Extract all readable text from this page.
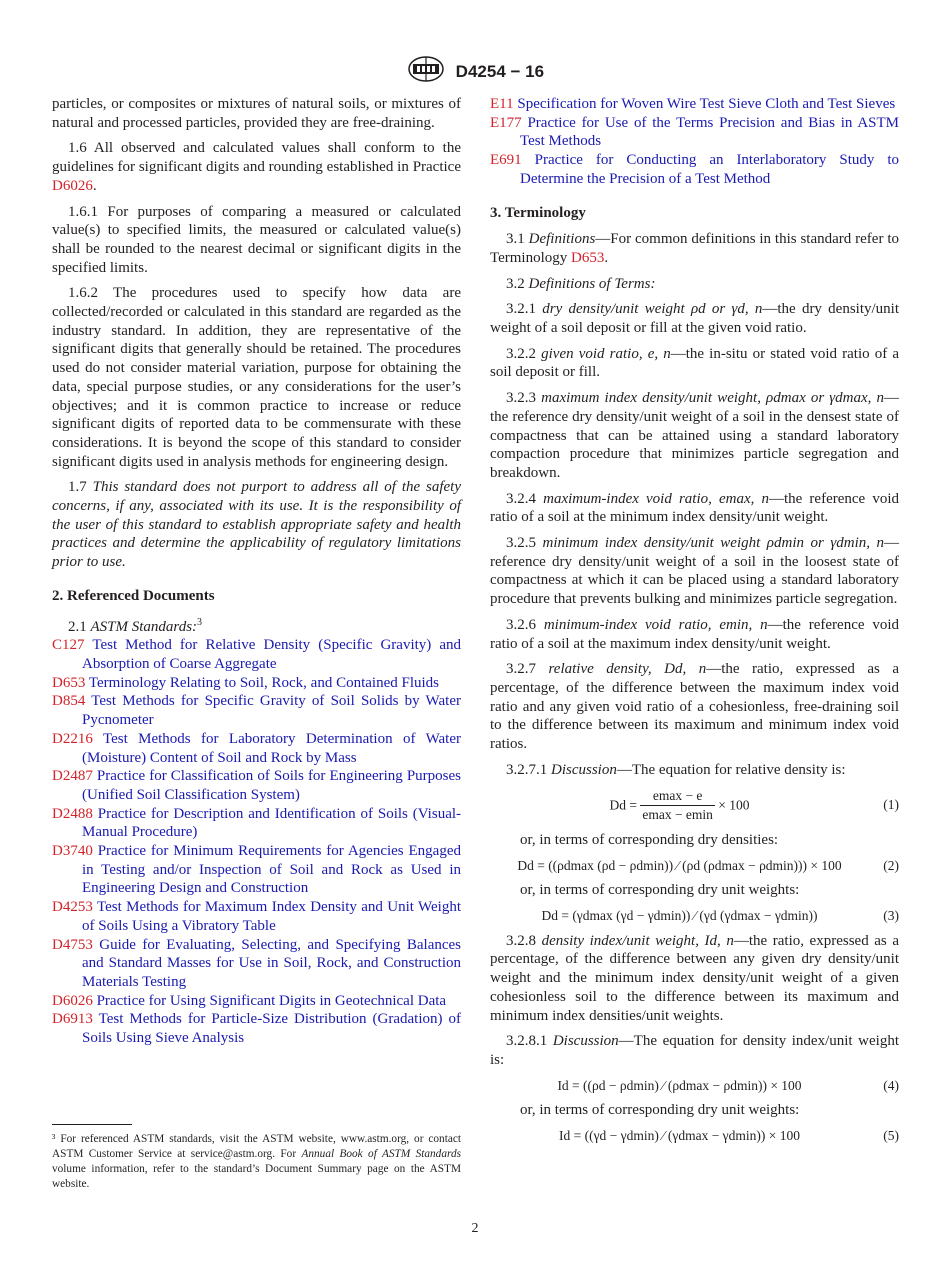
D4254 − 16

particles, or composites or mixtures of natural soils, or mixtures of natural and processed particles, provided they are free-draining.

1.6 All observed and calculated values shall conform to the guidelines for significant digits and rounding established in Practice D6026.

1.6.1 For purposes of comparing a measured or calculated value(s) to specified limits, the measured or calculated value(s) shall be rounded to the nearest decimal or significant digits in the specified limits.

1.6.2 The procedures used to specify how data are collected/recorded or calculated in this standard are regarded as the industry standard. In addition, they are representative of the significant digits that generally should be retained. The procedures used do not consider material variation, purpose for obtaining the data, special purpose studies, or any considerations for the user’s objectives; and it is common practice to increase or reduce significant digits of reported data to be commensurate with these considerations. It is beyond the scope of this standard to consider significant digits used in analysis methods for engineering design.

1.7 This standard does not purport to address all of the safety concerns, if any, associated with its use. It is the responsibility of the user of this standard to establish appropriate safety and health practices and determine the applicability of regulatory limitations prior to use.

2. Referenced Documents

2.1 ASTM Standards:$^3$

C127 Test Method for Relative Density (Specific Gravity) and Absorption of Coarse Aggregate

D653 Terminology Relating to Soil, Rock, and Contained Fluids

D854 Test Methods for Specific Gravity of Soil Solids by Water Pycnometer

D2216 Test Methods for Laboratory Determination of Water (Moisture) Content of Soil and Rock by Mass

D2487 Practice for Classification of Soils for Engineering Purposes (Unified Soil Classification System)

D2488 Practice for Description and Identification of Soils (Visual-Manual Procedure)

D3740 Practice for Minimum Requirements for Agencies Engaged in Testing and/or Inspection of Soil and Rock as Used in Engineering Design and Construction

D4253 Test Methods for Maximum Index Density and Unit Weight of Soils Using a Vibratory Table

D4753 Guide for Evaluating, Selecting, and Specifying Balances and Standard Masses for Use in Soil, Rock, and Construction Materials Testing

D6026 Practice for Using Significant Digits in Geotechnical Data

D6913 Test Methods for Particle-Size Distribution (Gradation) of Soils Using Sieve Analysis

³ For referenced ASTM standards, visit the ASTM website, www.astm.org, or contact ASTM Customer Service at service@astm.org. For Annual Book of ASTM Standards volume information, refer to the standard’s Document Summary page on the ASTM website.

E11 Specification for Woven Wire Test Sieve Cloth and Test Sieves

E177 Practice for Use of the Terms Precision and Bias in ASTM Test Methods

E691 Practice for Conducting an Interlaboratory Study to Determine the Precision of a Test Method

3. Terminology

3.1 Definitions—For common definitions in this standard refer to Terminology D653.

3.2 Definitions of Terms:

3.2.1 dry density/unit weight ρd or γd, n—the dry density/unit weight of a soil deposit or fill at the given void ratio.

3.2.2 given void ratio, e, n—the in-situ or stated void ratio of a soil deposit or fill.

3.2.3 maximum index density/unit weight, ρdmax or γdmax, n—the reference dry density/unit weight of a soil in the densest state of compactness that can be attained using a standard laboratory compaction procedure that minimizes particle segregation and breakdown.

3.2.4 maximum-index void ratio, emax, n—the reference void ratio of a soil at the minimum index density/unit weight.

3.2.5 minimum index density/unit weight ρdmin or γdmin, n—reference dry density/unit weight of a soil in the loosest state of compactness at which it can be placed using a standard laboratory procedure that prevents bulking and minimizes particle segregation.

3.2.6 minimum-index void ratio, emin, n—the reference void ratio of a soil at the maximum index density/unit weight.

3.2.7 relative density, Dd, n—the ratio, expressed as a percentage, of the difference between the maximum index void ratio and any given void ratio of a cohesionless, free-draining soil to the difference between its maximum and minimum index void ratios.

3.2.7.1 Discussion—The equation for relative density is:

$Dd = \frac{emax - e}{emax - emin} \times 100$	(1)

or, in terms of corresponding dry densities:

Dd = ((ρdmax (ρd − ρdmin)) ⁄ (ρd (ρdmax − ρdmin))) × 100	(2)

or, in terms of corresponding dry unit weights:

Dd = (γdmax (γd − γdmin)) ⁄ (γd (γdmax − γdmin))	(3)

3.2.8 density index/unit weight, Id, n—the ratio, expressed as a percentage, of the difference between any given dry density/unit weight and the minimum index density/unit weight of a given cohesionless soil to the difference between its maximum and minimum index densities/unit weights.

3.2.8.1 Discussion—The equation for density index/unit weight is:

Id = ((ρd − ρdmin) ⁄ (ρdmax − ρdmin)) × 100	(4)

or, in terms of corresponding dry unit weights:

Id = ((γd − γdmin) ⁄ (γdmax − γdmin)) × 100	(5)
2
